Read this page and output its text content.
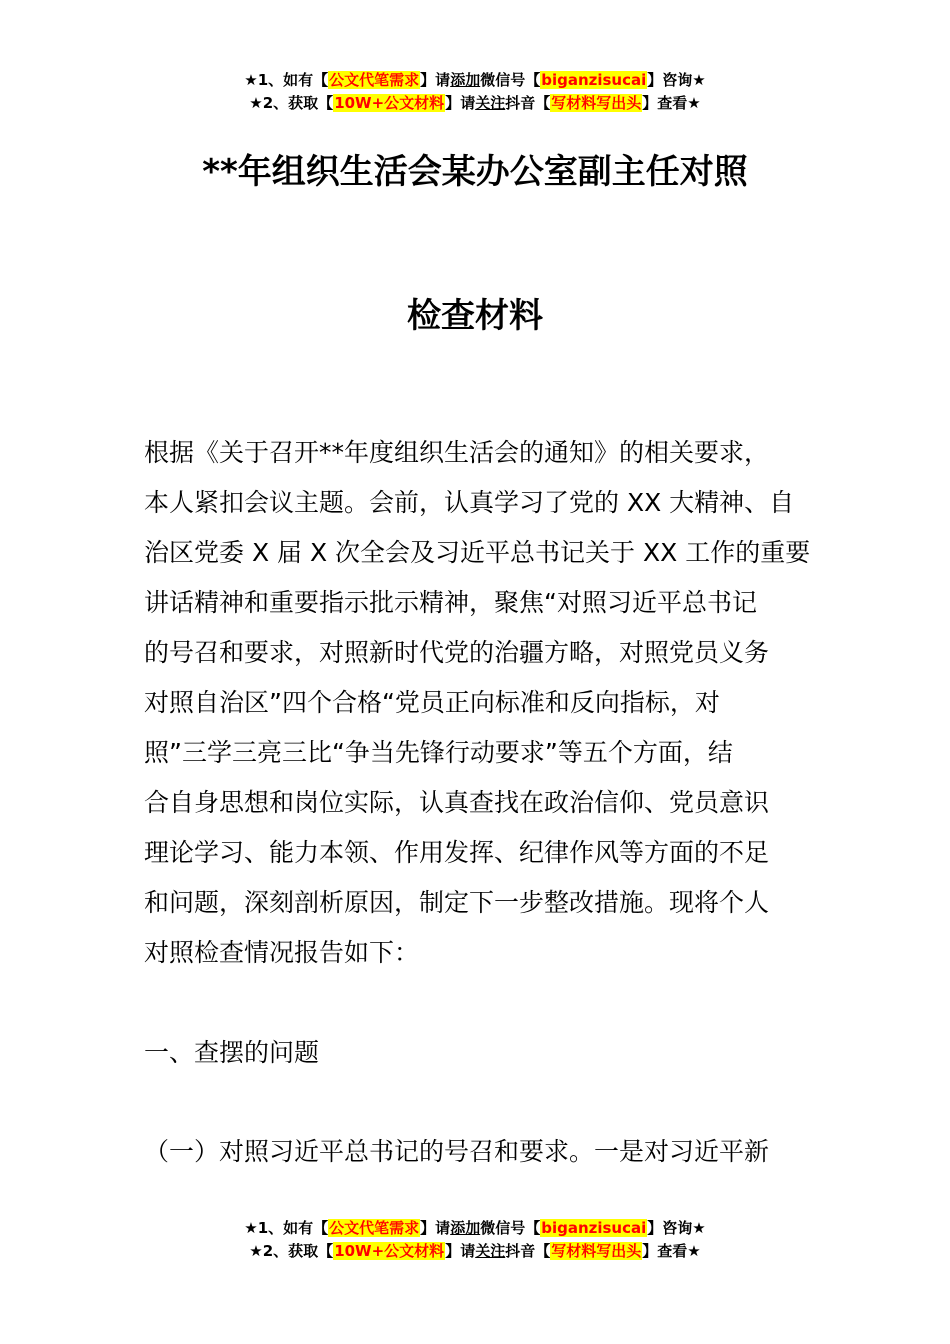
★1、如有【公文代笔需求】请添加微信号【biganzisucai】咨询★
★2、获取【10W+公文材料】请关注抖音【写材料写出头】查看★
**年组织生活会某办公室副主任对照
检查材料
根据《关于召开**年度组织生活会的通知》的相关要求，
本人紧扣会议主题。会前，认真学习了党的 XX 大精神、自
治区党委 X 届 X 次全会及习近平总书记关于 XX 工作的重要
讲话精神和重要指示批示精神，聚焦“对照习近平总书记
的号召和要求，对照新时代党的治疆方略，对照党员义务
对照自治区”四个合格“党员正向标准和反向指标，对
照”三学三亮三比“争当先锋行动要求”等五个方面，结
合自身思想和岗位实际，认真查找在政治信仰、党员意识
理论学习、能力本领、作用发挥、纪律作风等方面的不足
和问题，深刻剖析原因，制定下一步整改措施。现将个人
对照检查情况报告如下：
一、查摆的问题
（一）对照习近平总书记的号召和要求。一是对习近平新
★1、如有【公文代笔需求】请添加微信号【biganzisucai】咨询★
★2、获取【10W+公文材料】请关注抖音【写材料写出头】查看★
